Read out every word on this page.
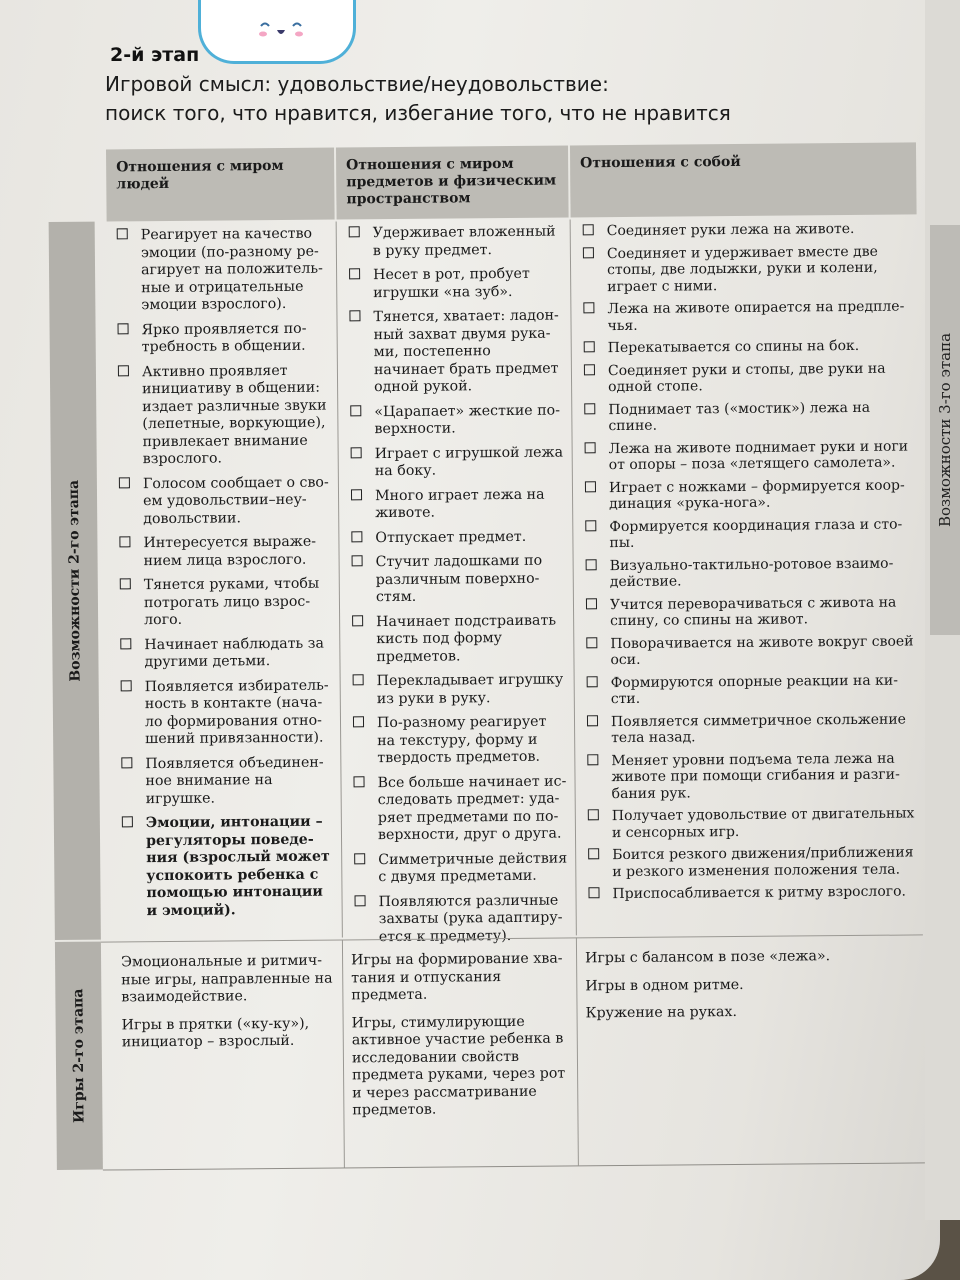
Возможности 3-го этапа
2-й этап
Игровой смысл: удовольствие/неудовольствие:
поиск того, что нравится, избегание того, что не нравится
Отношения с миром людей
Отношения с миром предметов и физическим пространством
Отношения с собой
Возможности 2-го этапа
Игры 2-го этапа
Реагирует на качество эмоции (по-разному реагирует на положительные и отрицательные эмоции взрослого).
Ярко проявляется потребность в общении.
Активно проявляет инициативу в общении: издает различные звуки (лепетные, воркующие), привлекает внимание взрослого.
Голосом сообщает о своем удовольствии–неудовольствии.
Интересуется выражением лица взрослого.
Тянется руками, чтобы потрогать лицо взрослого.
Начинает наблюдать за другими детьми.
Появляется избирательность в контакте (начало формирования отношений привязанности).
Появляется объединенное внимание на игрушке.
Эмоции, интонации – регуляторы поведения (взрослый может успокоить ребенка с помощью интонации и эмоций).
Удерживает вложенный в руку предмет.
Несет в рот, пробует игрушки «на зуб».
Тянется, хватает: ладонный захват двумя руками, постепенно начинает брать предмет одной рукой.
«Царапает» жесткие поверхности.
Играет с игрушкой лежа на боку.
Много играет лежа на животе.
Отпускает предмет.
Стучит ладошками по различным поверхностям.
Начинает подстраивать кисть под форму предметов.
Перекладывает игрушку из руки в руку.
По-разному реагирует на текстуру, форму и твердость предметов.
Все больше начинает исследовать предмет: ударяет предметами по поверхности, друг о друга.
Симметричные действия с двумя предметами.
Появляются различные захваты (рука адаптируется к предмету).
Соединяет руки лежа на животе.
Соединяет и удерживает вместе две стопы, две лодыжки, руки и колени, играет с ними.
Лежа на животе опирается на предплечья.
Перекатывается со спины на бок.
Соединяет руки и стопы, две руки на одной стопе.
Поднимает таз («мостик») лежа на спине.
Лежа на животе поднимает руки и ноги от опоры – поза «летящего самолета».
Играет с ножками – формируется координация «рука-нога».
Формируется координация глаза и стопы.
Визуально-тактильно-ротовое взаимодействие.
Учится переворачиваться с живота на спину, со спины на живот.
Поворачивается на животе вокруг своей оси.
Формируются опорные реакции на кисти.
Появляется симметричное скольжение тела назад.
Меняет уровни подъема тела лежа на животе при помощи сгибания и разгибания рук.
Получает удовольствие от двигательных и сенсорных игр.
Боится резкого движения/приближения и резкого изменения положения тела.
Приспосабливается к ритму взрослого.

Эмоциональные и ритмичные игры, направленные на взаимодействие.

Игры в прятки («ку-ку»), инициатор – взрослый.

Игры на формирование хватания и отпускания предмета.

Игры, стимулирующие активное участие ребенка в исследовании свойств предмета руками, через рот и через рассматривание предметов.

Игры с балансом в позе «лежа».

Игры в одном ритме.

Кружение на руках.
